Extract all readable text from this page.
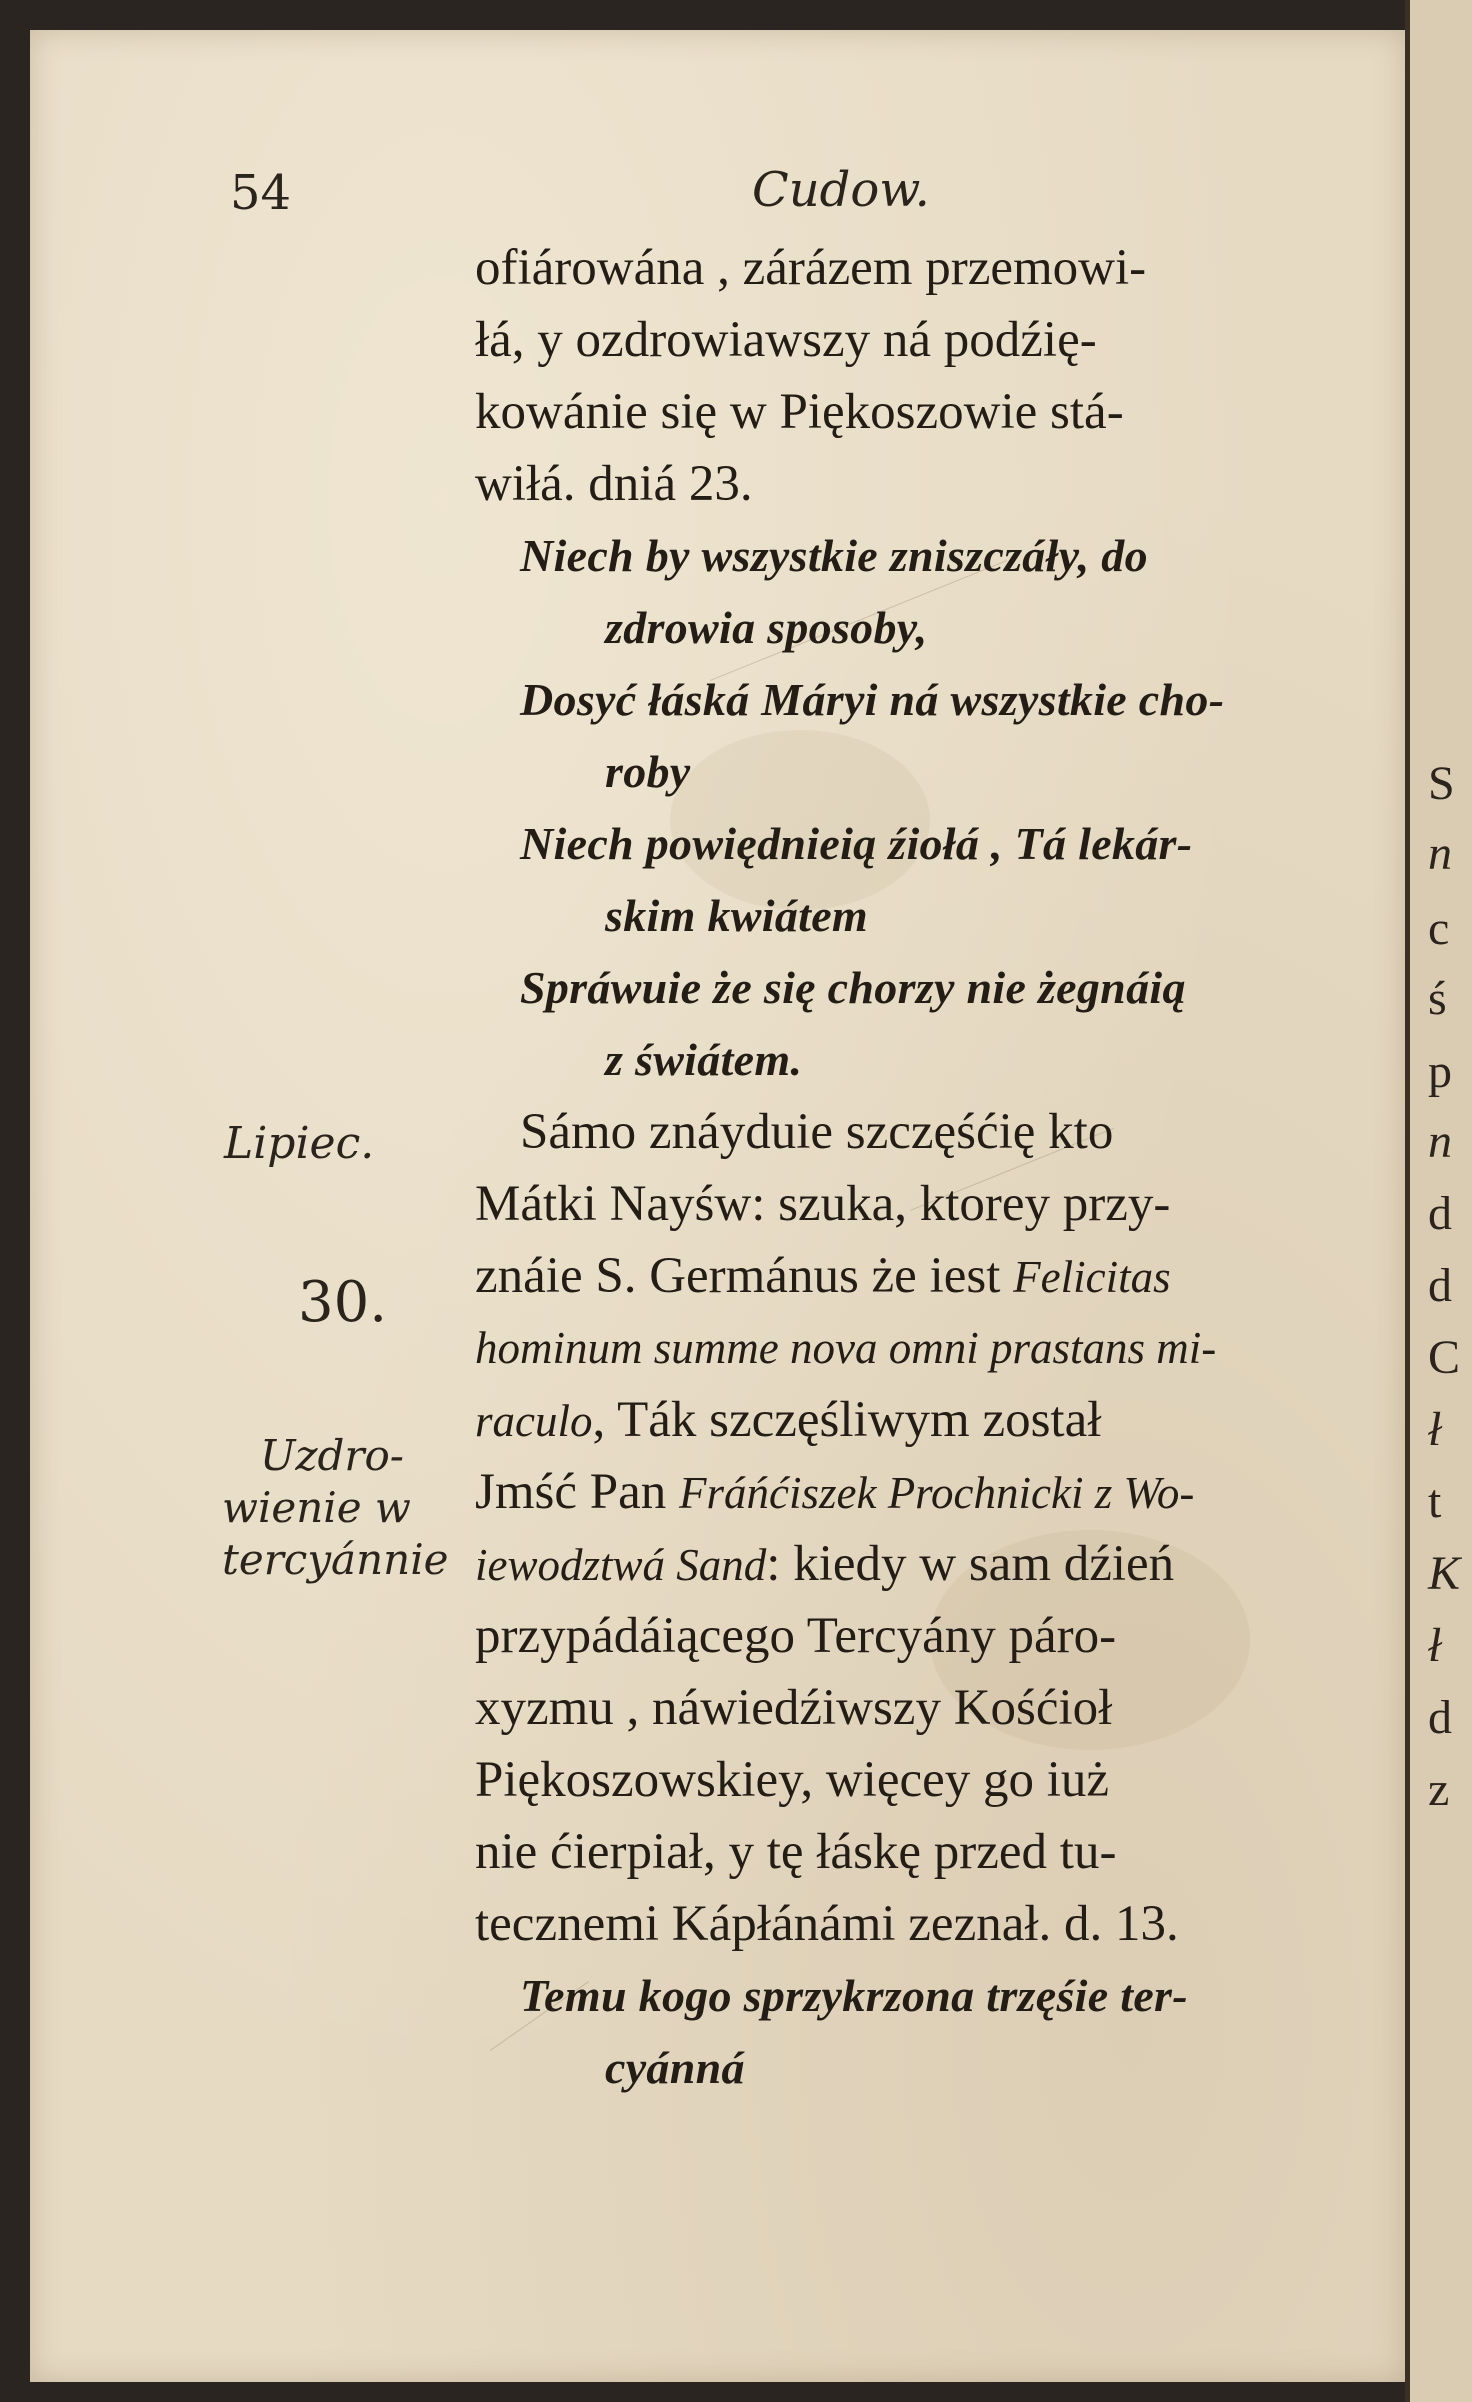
54	Cudow.
ofiárowána , zárázem przemowi-
łá, y ozdrowiawszy ná podźię-
kowánie się w Piękoszowie stá-
wiłá. dniá 23.
Niech by wszystkie zniszczáły, do
zdrowia sposoby,
Dosyć łáská Máryi ná wszystkie cho-
roby
Niech powiędnieią źiołá , Tá lekár-
skim kwiátem
Spráwuie że się chorzy nie żegnáią
z świátem.
Sámo znáyduie szczęśćię kto
Mátki Nayśw: szuka, ktorey przy-
znáie S. Germánus że iest Felicitas
hominum summe nova omni prastans mi-
raculo, Ták szczęśliwym został
Jmść Pan Fráńćiszek Prochnicki z Wo-
iewodztwá Sand: kiedy w sam dźień
przypádáiącego Tercyány páro-
xyzmu , náwiedźiwszy Kośćioł
Piękoszowskiey, więcey go iuż
nie ćierpiał, y tę łáskę przed tu-
tecznemi Kápłánámi zeznał. d. 13.
Temu kogo sprzykrzona trzęśie ter-
cyánná
Lipiec.
30.
Uzdro-
wienie w
tercyánnie
S
n
c
ś
p
n
d
d
C
ł
t
K
ł
d
z
